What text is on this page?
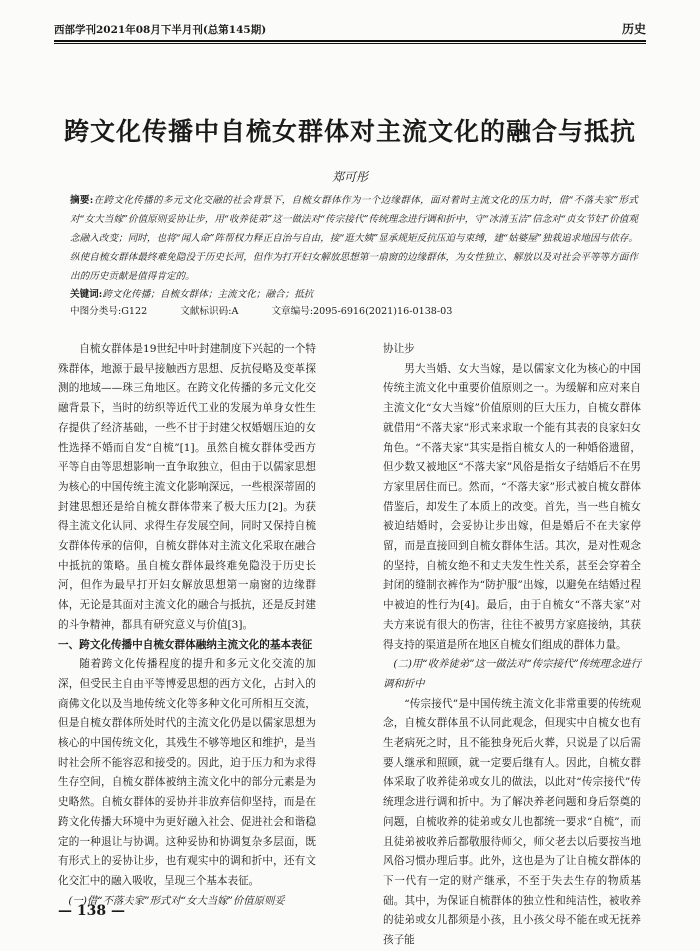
西部学刊2021年08月下半月刊(总第145期)	历史
跨文化传播中自梳女群体对主流文化的融合与抵抗
郑可彤
摘要:在跨文化传播的多元文化交融的社会背景下，自梳女群体作为一个边缘群体，面对着时主流文化的压力时，借“不落夫家”形式对“女大当嫁”价值原则妥协让步，用“收养徒弟”这一做法对“传宗接代”传统理念进行调和折中，守“冰清玉洁”信念对“贞女节妇”价值观念融入改变；同时，也将“闻人命”阵帮权力释正自治与自由，接“逛大姨”显承规矩反抗压迫与束缚，建“姑婆屋”独栽追求地因与依存。纵使自梳女群体最终难免隐没于历史长河，但作为打开妇女解放思想第一扇窗的边缘群体，为女性独立、解放以及对社会平等等方面作出的历史贡献是值得肯定的。
关键词:跨文化传播；自梳女群体；主流文化；融合；抵抗
中图分类号:G122	文献标识码:A	文章编号:2095-6916(2021)16-0138-03

自梳女群体是19世纪中叶封建制度下兴起的一个特殊群体，地源于最早接触西方思想、反抗侵略及变革探测的地域——珠三角地区。在跨文化传播的多元文化交融背景下，当时的纺织等近代工业的发展为单身女性生存提供了经济基础，一些不甘于封建父权婚姻压迫的女性选择不婚而自发“自梳”[1]。虽然自梳女群体受西方平等自由等思想影响一直争取独立，但由于以儒家思想为核心的中国传统主流文化影响深远，一些根深蒂固的封建思想还是给自梳女群体带来了极大压力[2]。为获得主流文化认同、求得生存发展空间，同时又保持自梳女群体传承的信仰，自梳女群体对主流文化采取在融合中抵抗的策略。虽自梳女群体最终难免隐没于历史长河，但作为最早打开妇女解放思想第一扇窗的边缘群体，无论是其面对主流文化的融合与抵抗，还是反封建的斗争精神，都具有研究意义与价值[3]。

一、跨文化传播中自梳女群体融纳主流文化的基本表征

随着跨文化传播程度的提升和多元文化交流的加深，但受民主自由平等博爱思想的西方文化，占封入的商佛文化以及当地传统文化等多种文化可所相互交流，但是自梳女群体所处时代的主流文化仍是以儒家思想为核心的中国传统文化，其残生不够等地区和维护，是当时社会所不能容忍和接受的。因此，迫于压力和为求得生存空间，自梳女群体被纳主流文化中的部分元素是为史略然。自梳女群体的妥协并非放弃信仰坚持，而是在跨文化传播大环境中为更好融入社会、促进社会和谐稳定的一种退让与协调。这种妥协和协调复杂多层面，既有形式上的妥协让步，也有观实中的调和折中，还有文化交汇中的融入吸收，呈现三个基本表征。

(一)借“不落夫家”形式对“女大当嫁”价值原则妥

协让步

男大当婚、女大当嫁，是以儒家文化为核心的中国传统主流文化中重要价值原则之一。为缓解和应对来自主流文化“女大当嫁”价值原则的巨大压力，自梳女群体就借用“不落夫家”形式来求取一个能有其表的良家妇女角色。“不落夫家”其实是指自梳女人的一种婚俗遗留，但少数又被地区“不落夫家”风俗是指女子结婚后不在男方家里居住而已。然而，“不落夫家”形式被自梳女群体借鉴后，却发生了本质上的改变。首先，当一些自梳女被迫结婚时，会妥协让步出嫁，但是婚后不在夫家停留，而是直接回到自梳女群体生活。其次，是对性观念的坚持，自梳女绝不和丈夫发生性关系，甚至会穿着全封闭的缝制衣裤作为“防护服”出嫁，以避免在结婚过程中被迫的性行为[4]。最后，由于自梳女“不落夫家”对夫方来说有很大的伤害，往往不被男方家庭接纳，其获得支持的渠道是所在地区自梳女们组成的群体力量。

(二)用“收养徒弟”这一做法对“传宗接代”传统理念进行调和折中

“传宗接代”是中国传统主流文化非常重要的传统观念，自梳女群体虽不认同此观念，但现实中自梳女也有生老病死之时，且不能独身死后火葬，只说是了以后需要人继承和照顾，就一定要后继有人。因此，自梳女群体采取了收养徒弟或女儿的做法，以此对“传宗接代”传统理念进行调和折中。为了解决养老问题和身后祭奠的问题，自梳收养的徒弟或女儿也都统一要求“自梳”，而且徒弟被收养后都敬服待师父，师父老去以后要按当地风俗习惯办理后事。此外，这也是为了让自梳女群体的下一代有一定的财产继承，不至于失去生存的物质基础。其中，为保证自梳群体的独立性和纯洁性，被收养的徒弟或女儿都须是小孩，且小孩父母不能在或无抚养孩子能

— 138 —
